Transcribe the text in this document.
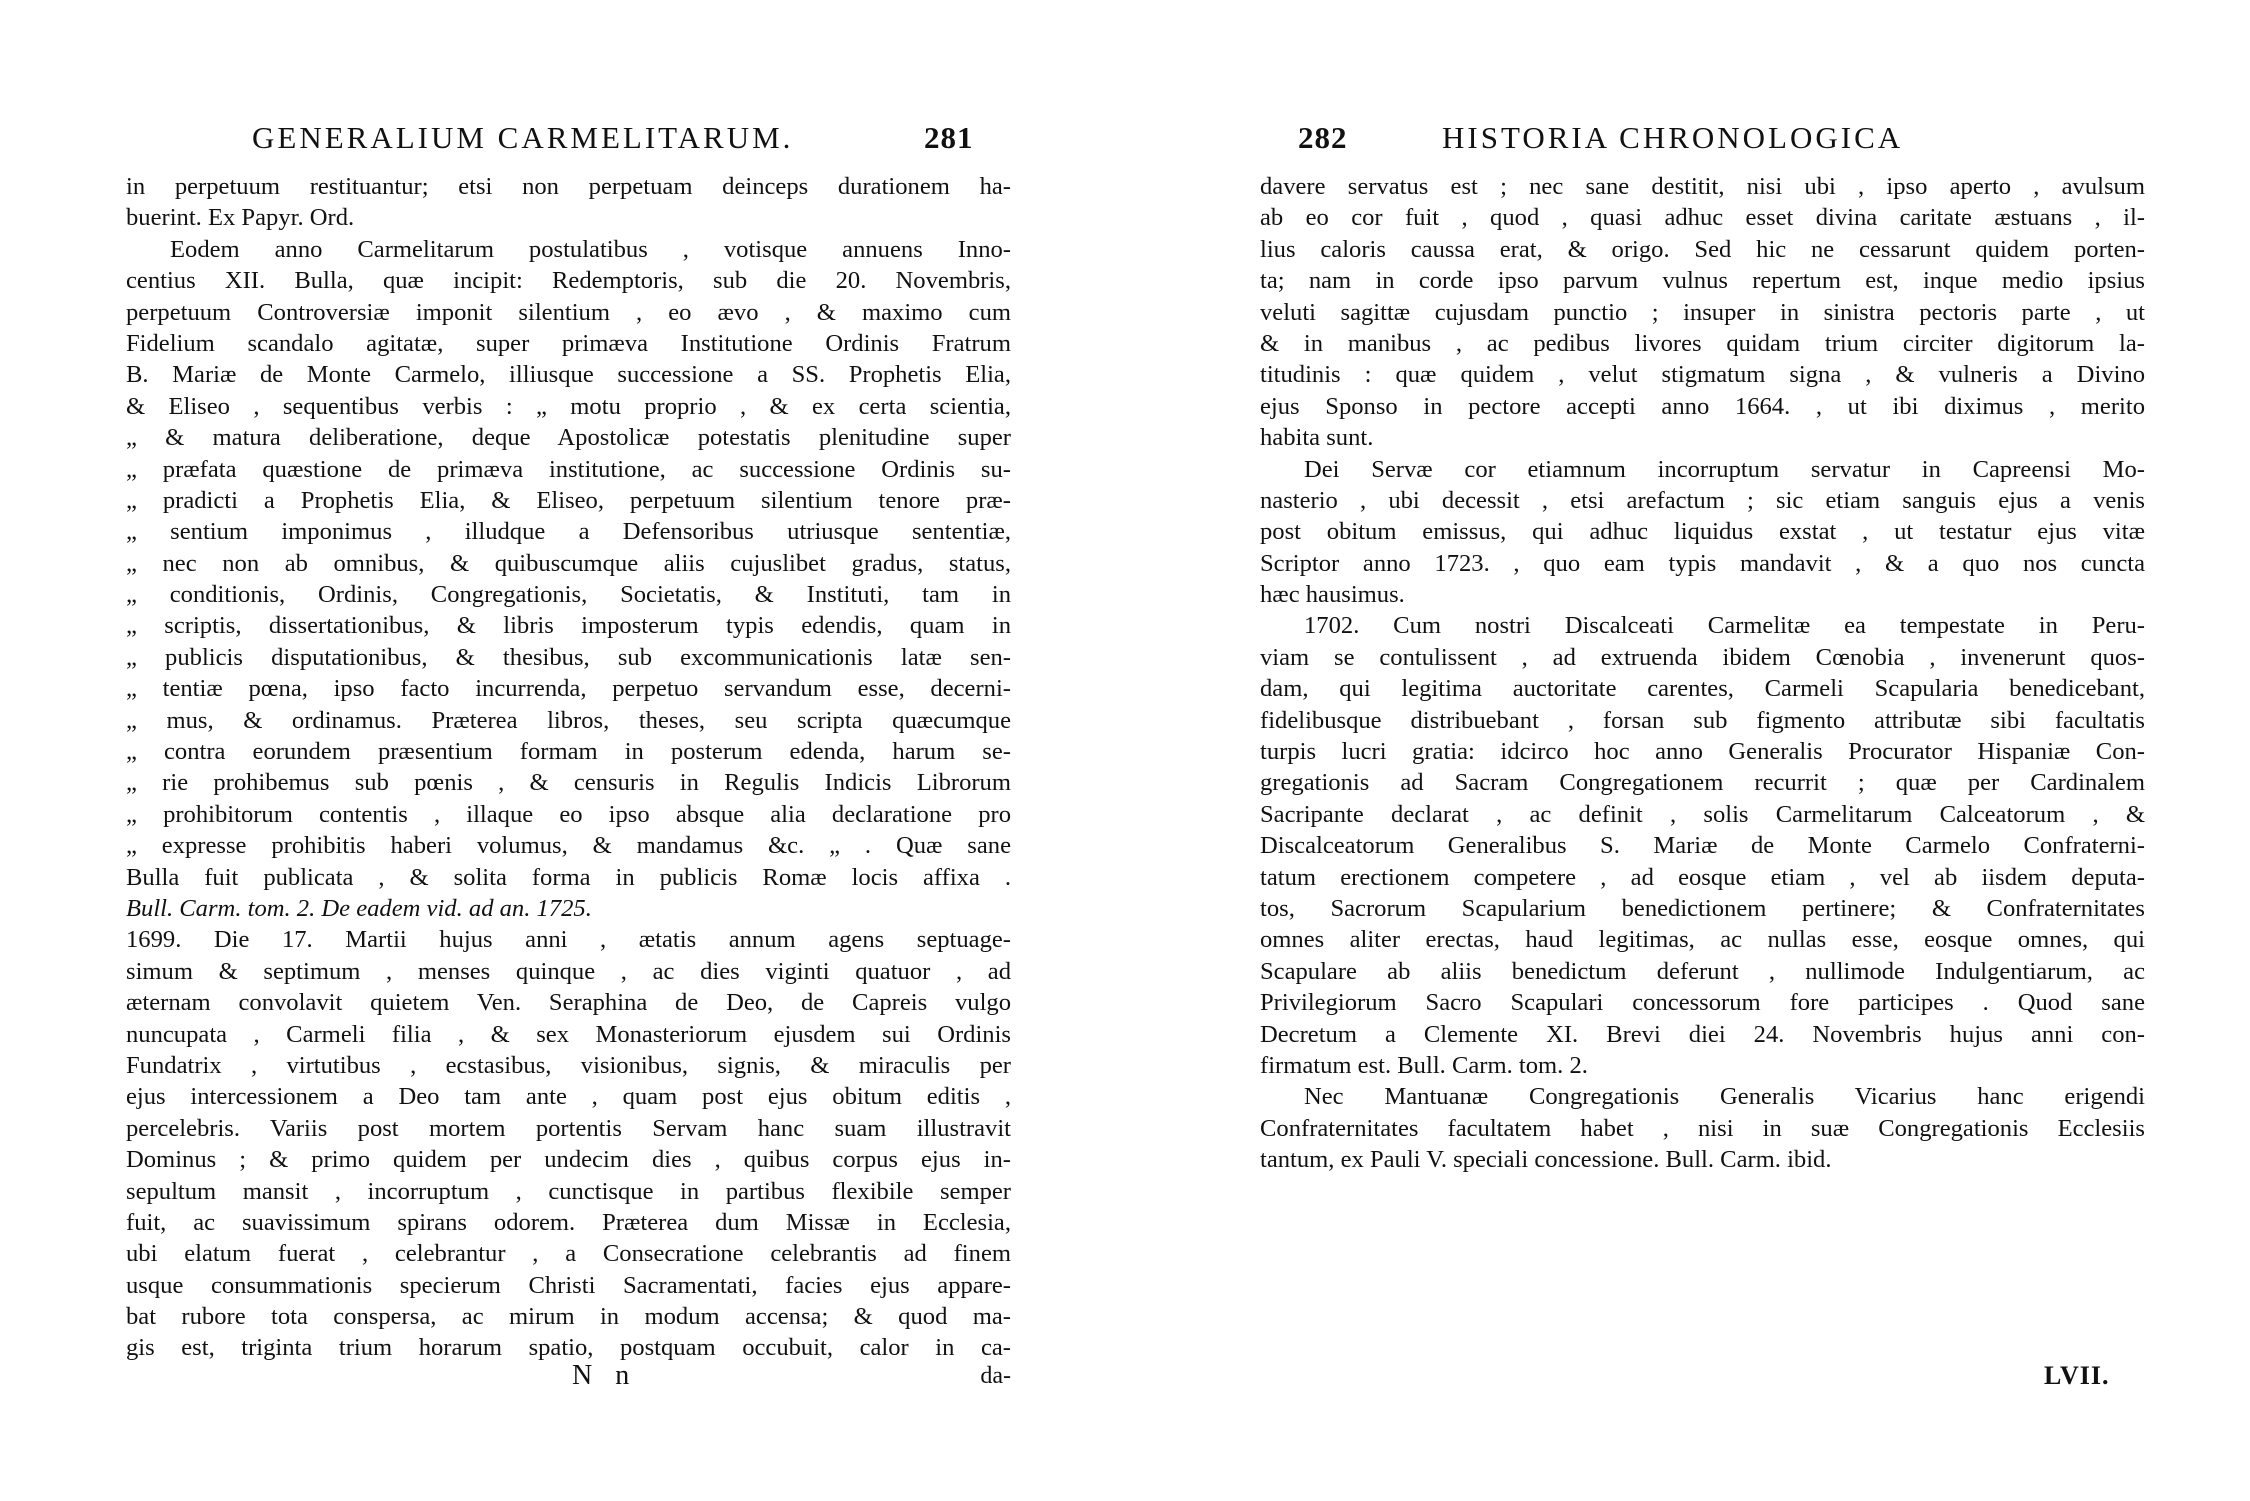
GENERALIUM CARMELITARUM.	281
in perpetuum restituantur; etsi non perpetuam deinceps durationem ha-
buerint. Ex Papyr. Ord.
Eodem anno Carmelitarum postulatibus , votisque annuens Inno-
centius XII. Bulla, quæ incipit: Redemptoris, sub die 20. Novembris,
perpetuum Controversiæ imponit silentium , eo ævo , & maximo cum
Fidelium scandalo agitatæ, super primæva Institutione Ordinis Fratrum
B. Mariæ de Monte Carmelo, illiusque successione a SS. Prophetis Elia,
& Eliseo , sequentibus verbis : „ motu proprio , & ex certa scientia,
„ & matura deliberatione, deque Apostolicæ potestatis plenitudine super
„ præfata quæstione de primæva institutione, ac successione Ordinis su-
„ pradicti a Prophetis Elia, & Eliseo, perpetuum silentium tenore præ-
„ sentium imponimus , illudque a Defensoribus utriusque sententiæ,
„ nec non ab omnibus, & quibuscumque aliis cujuslibet gradus, status,
„ conditionis, Ordinis, Congregationis, Societatis, & Instituti, tam in
„ scriptis, dissertationibus, & libris imposterum typis edendis, quam in
„ publicis disputationibus, & thesibus, sub excommunicationis latæ sen-
„ tentiæ pœna, ipso facto incurrenda, perpetuo servandum esse, decerni-
„ mus, & ordinamus. Præterea libros, theses, seu scripta quæcumque
„ contra eorundem præsentium formam in posterum edenda, harum se-
„ rie prohibemus sub pœnis , & censuris in Regulis Indicis Librorum
„ prohibitorum contentis , illaque eo ipso absque alia declaratione pro
„ expresse prohibitis haberi volumus, & mandamus &c. „ . Quæ sane
Bulla fuit publicata , & solita forma in publicis Romæ locis affixa .
Bull. Carm. tom. 2. De eadem vid. ad an. 1725.
1699. Die 17. Martii hujus anni , ætatis annum agens septuage-
simum & septimum , menses quinque , ac dies viginti quatuor , ad
æternam convolavit quietem Ven. Seraphina de Deo, de Capreis vulgo
nuncupata , Carmeli filia , & sex Monasteriorum ejusdem sui Ordinis
Fundatrix , virtutibus , ecstasibus, visionibus, signis, & miraculis per
ejus intercessionem a Deo tam ante , quam post ejus obitum editis ,
percelebris. Variis post mortem portentis Servam hanc suam illustravit
Dominus ; & primo quidem per undecim dies , quibus corpus ejus in-
sepultum mansit , incorruptum , cunctisque in partibus flexibile semper
fuit, ac suavissimum spirans odorem. Præterea dum Missæ in Ecclesia,
ubi elatum fuerat , celebrantur , a Consecratione celebrantis ad finem
usque consummationis specierum Christi Sacramentati, facies ejus appare-
bat rubore tota conspersa, ac mirum in modum accensa; & quod ma-
gis est, triginta trium horarum spatio, postquam occubuit, calor in ca-
N n	da-
282	HISTORIA CHRONOLOGICA
davere servatus est ; nec sane destitit, nisi ubi , ipso aperto , avulsum
ab eo cor fuit , quod , quasi adhuc esset divina caritate æstuans , il-
lius caloris caussa erat, & origo. Sed hic ne cessarunt quidem porten-
ta; nam in corde ipso parvum vulnus repertum est, inque medio ipsius
veluti sagittæ cujusdam punctio ; insuper in sinistra pectoris parte , ut
& in manibus , ac pedibus livores quidam trium circiter digitorum la-
titudinis : quæ quidem , velut stigmatum signa , & vulneris a Divino
ejus Sponso in pectore accepti anno 1664. , ut ibi diximus , merito
habita sunt.
Dei Servæ cor etiamnum incorruptum servatur in Capreensi Mo-
nasterio , ubi decessit , etsi arefactum ; sic etiam sanguis ejus a venis
post obitum emissus, qui adhuc liquidus exstat , ut testatur ejus vitæ
Scriptor anno 1723. , quo eam typis mandavit , & a quo nos cuncta
hæc hausimus.
1702. Cum nostri Discalceati Carmelitæ ea tempestate in Peru-
viam se contulissent , ad extruenda ibidem Cœnobia , invenerunt quos-
dam, qui legitima auctoritate carentes, Carmeli Scapularia benedicebant,
fidelibusque distribuebant , forsan sub figmento attributæ sibi facultatis
turpis lucri gratia: idcirco hoc anno Generalis Procurator Hispaniæ Con-
gregationis ad Sacram Congregationem recurrit ; quæ per Cardinalem
Sacripante declarat , ac definit , solis Carmelitarum Calceatorum , &
Discalceatorum Generalibus S. Mariæ de Monte Carmelo Confraterni-
tatum erectionem competere , ad eosque etiam , vel ab iisdem deputa-
tos, Sacrorum Scapularium benedictionem pertinere; & Confraternitates
omnes aliter erectas, haud legitimas, ac nullas esse, eosque omnes, qui
Scapulare ab aliis benedictum deferunt , nullimode Indulgentiarum, ac
Privilegiorum Sacro Scapulari concessorum fore participes . Quod sane
Decretum a Clemente XI. Brevi diei 24. Novembris hujus anni con-
firmatum est. Bull. Carm. tom. 2.
Nec Mantuanæ Congregationis Generalis Vicarius hanc erigendi
Confraternitates facultatem habet , nisi in suæ Congregationis Ecclesiis
tantum, ex Pauli V. speciali concessione. Bull. Carm. ibid.
LVII.
